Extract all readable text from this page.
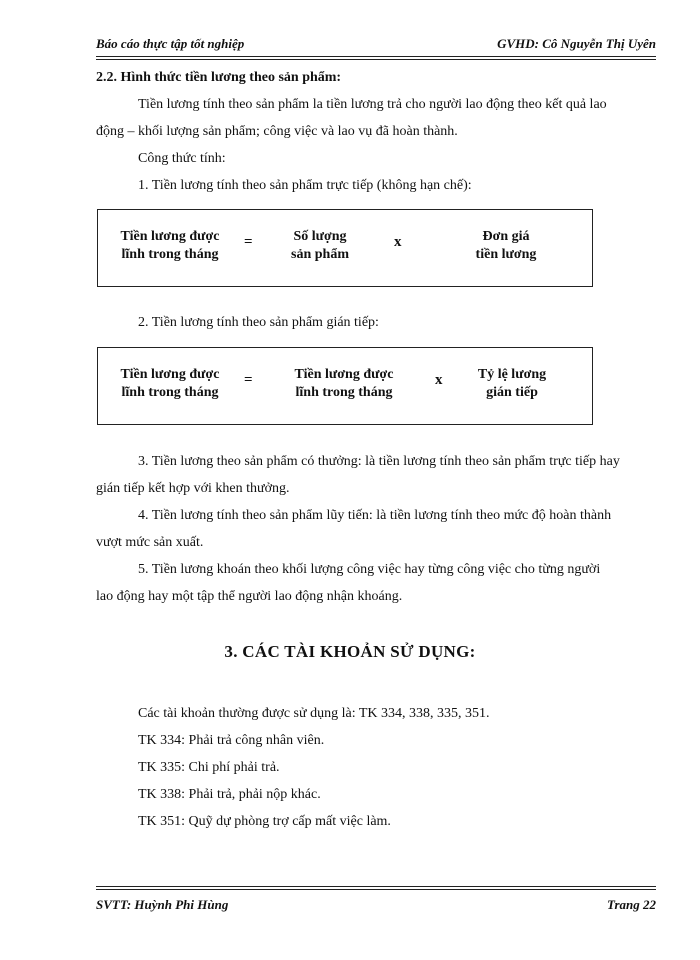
Báo cáo thực tập tốt nghiệp	GVHD: Cô Nguyễn Thị Uyên
2.2. Hình thức tiền lương theo sản phẩm:
Tiền lương tính theo sản phẩm la tiền lương trả cho người lao động theo kết quả lao
động – khối lượng sản phẩm; công việc và lao vụ đã hoàn thành.
Công thức tính:
1. Tiền lương tính theo sản phẩm trực tiếp (không hạn chế):
Tiền lương được
lĩnh trong tháng
=	Số lượng
sản phẩm
x	Đơn giá
tiền lương
2. Tiền lương tính theo sản phẩm gián tiếp:
Tiền lương được
lĩnh trong tháng
=	Tiền lương được
lĩnh trong tháng
x	Tỷ lệ lương
gián tiếp
3. Tiền lương theo sản phẩm có thưởng: là tiền lương tính theo sản phẩm trực tiếp hay
gián tiếp kết hợp với khen thưởng.
4. Tiền lương tính theo sản phẩm lũy tiến: là tiền lương tính theo mức độ hoàn thành
vượt mức sản xuất.
5. Tiền lương khoán theo khối lượng công việc hay từng công việc cho từng người
lao động hay một tập thể người lao động nhận khoáng.
3. CÁC TÀI KHOẢN SỬ DỤNG:
Các tài khoản thường được sử dụng là: TK 334, 338, 335, 351.
TK 334: Phải trả công nhân viên.
TK 335: Chi phí phải trả.
TK 338: Phải trả, phải nộp khác.
TK 351: Quỹ dự phòng trợ cấp mất việc làm.
SVTT: Huỳnh Phi Hùng	Trang 22
